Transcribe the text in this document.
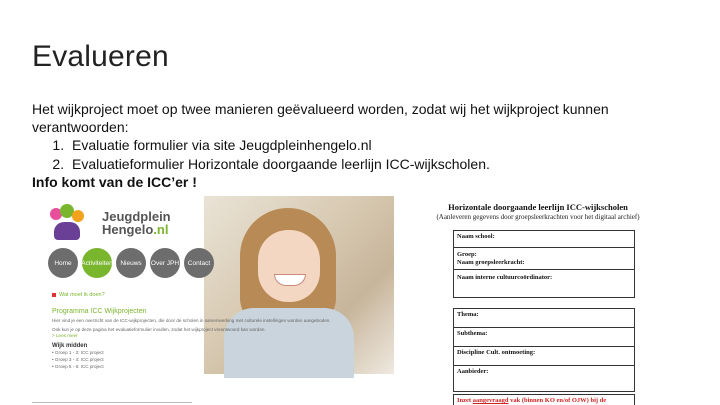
Evalueren

Het wijkproject moet op twee manieren geëvalueerd worden, zodat wij het wijkproject kunnen verantwoorden:

1. Evaluatie formulier via site Jeugdpleinhengelo.nl
2. Evaluatieformulier Horizontale doorgaande leerlijn ICC-wijkscholen.

Info komt van de ICC’er !

Jeugdplein
Hengelo.nl
Home	Activiteiten	Nieuws	Over JPH	Contact
Wat moet ik doen?
Programma ICC Wijkprojecten
Hier vind je een overzicht van de ICC-wijkprojecten, die door de scholen in samenwerking met culturele instellingen worden aangeboden.
Ook kun je op deze pagina het evaluatieformulier invullen, zodat het wijkproject verantwoord kan worden.
> Lees meer
Wijk midden
• Groep 1 - 2: ICC project
• Groep 3 - 4: ICC project
• Groep 5 - 6: ICC project
Horizontale doorgaande leerlijn ICC-wijkscholen
(Aanleveren gegevens door groepsleerkrachten voor het digitaal archief)
Naam school:
Groep:
Naam groepsleerkracht:
Naam interne cultuurcoördinator:
Thema:
Subthema:
Discipline Cult. ontmoeting:
Aanbieder:
Inzet aangevraagd vak (binnen KO en/of OJW) bij de
